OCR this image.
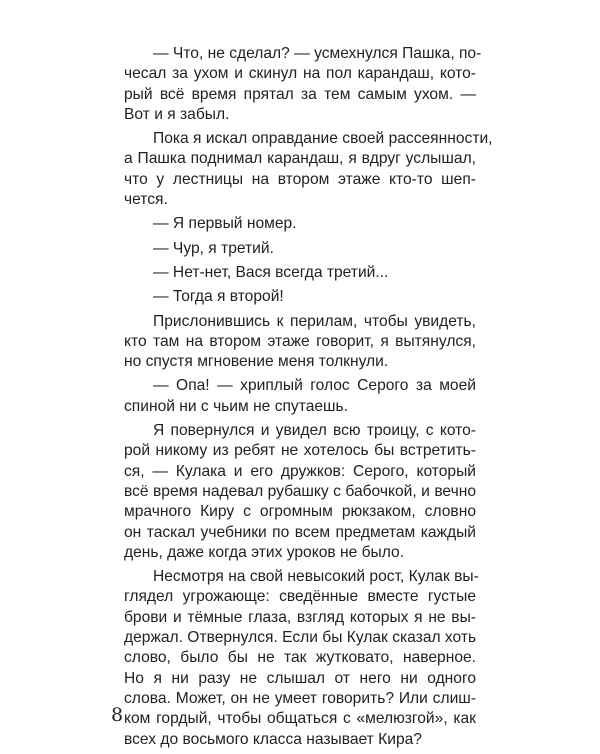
— Что, не сделал? — усмехнулся Пашка, по-
чесал за ухом и скинул на пол карандаш, кото-
рый всё время прятал за тем самым ухом. —
Вот и я забыл.
Пока я искал оправдание своей рассеянности,
а Пашка поднимал карандаш, я вдруг услышал,
что у лестницы на втором этаже кто-то шеп-
чется.
— Я первый номер.
— Чур, я третий.
— Нет-нет, Вася всегда третий...
— Тогда я второй!
Прислонившись к перилам, чтобы увидеть,
кто там на втором этаже говорит, я вытянулся,
но спустя мгновение меня толкнули.
— Опа! — хриплый голос Серого за моей
спиной ни с чьим не спутаешь.
Я повернулся и увидел всю троицу, с кото-
рой никому из ребят не хотелось бы встретить-
ся, — Кулака и его дружков: Серого, который
всё время надевал рубашку с бабочкой, и вечно
мрачного Киру с огромным рюкзаком, словно
он таскал учебники по всем предметам каждый
день, даже когда этих уроков не было.
Несмотря на свой невысокий рост, Кулак вы-
глядел угрожающе: сведённые вместе густые
брови и тёмные глаза, взгляд которых я не вы-
держал. Отвернулся. Если бы Кулак сказал хоть
слово, было бы не так жутковато, наверное.
Но я ни разу не слышал от него ни одного
слова. Может, он не умеет говорить? Или слиш-
ком гордый, чтобы общаться с «мелюзгой», как
всех до восьмого класса называет Кира?
8
